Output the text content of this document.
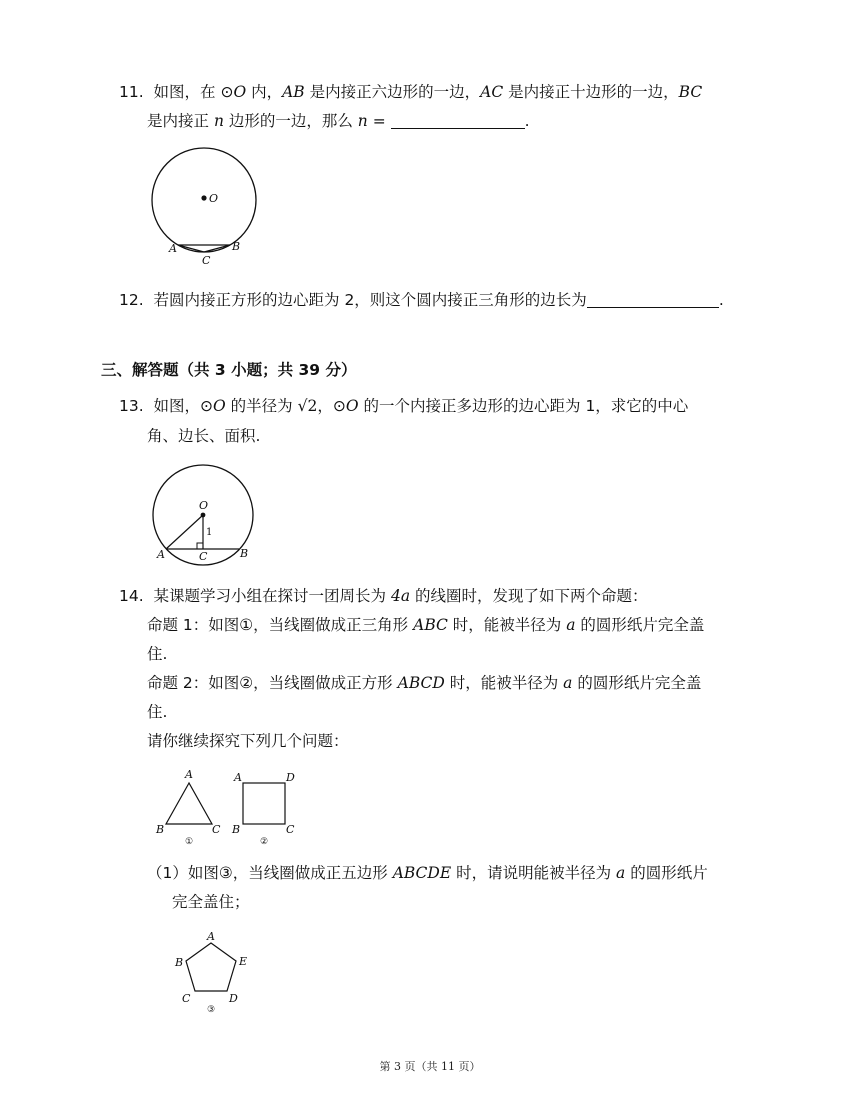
11. 如图，在 ⊙O 内，AB 是内接正六边形的一边，AC 是内接正十边形的一边，BC
是内接正 n 边形的一边，那么 n =	.
O
A	B
C
12. 若圆内接正方形的边心距为 2，则这个圆内接正三角形的边长为	.
三、解答题（共 3 小题；共 39 分）
13. 如图，⊙O 的半径为 √2，⊙O 的一个内接正多边形的边心距为 1，求它的中心
角、边长、面积.
O
1
A	C	B
14. 某课题学习小组在探讨一团周长为 4a 的线圈时，发现了如下两个命题：
命题 1：如图①，当线圈做成正三角形 ABC 时，能被半径为 a 的圆形纸片完全盖
住.
命题 2：如图②，当线圈做成正方形 ABCD 时，能被半径为 a 的圆形纸片完全盖
住.
请你继续探究下列几个问题：
A
B	C
①
A	D
B	C
②
（1）如图③，当线圈做成正五边形 ABCDE 时，请说明能被半径为 a 的圆形纸片
完全盖住；
A
B	E
C	D
③
第 3 页（共 11 页）
